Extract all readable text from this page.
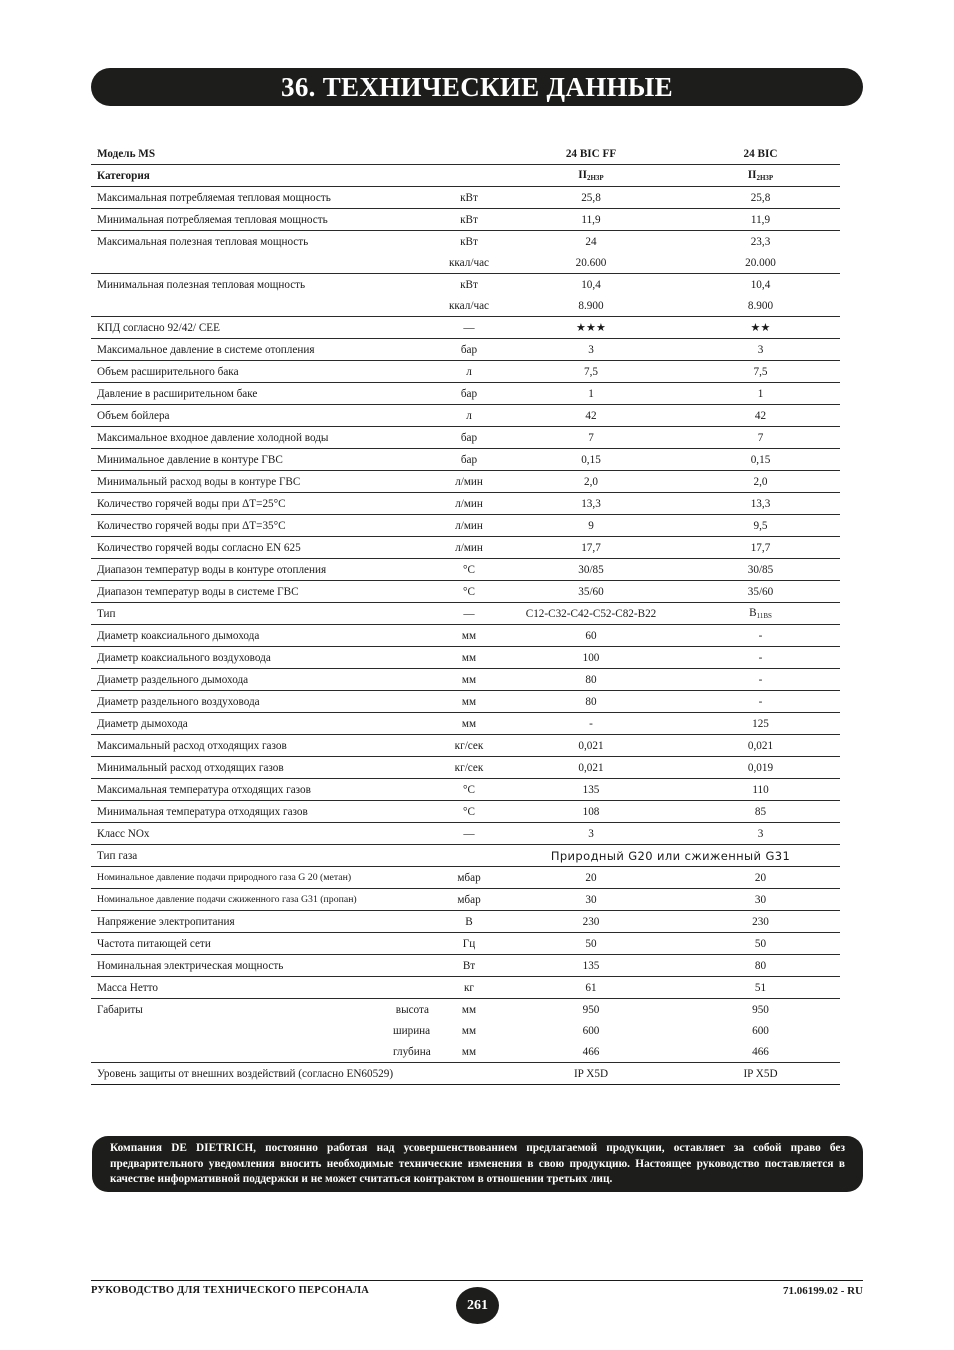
36. ТЕХНИЧЕСКИЕ ДАННЫЕ
Модель MS			24 BIC FF	24 BIC
Категория			II2H3P	II2H3P
Максимальная потребляемая тепловая мощность		кВт	25,8	25,8
Минимальная потребляемая тепловая мощность		кВт	11,9	11,9
Максимальная полезная тепловая мощность		кВт	24	23,3
		ккал/час	20.600	20.000
Минимальная полезная тепловая мощность		кВт	10,4	10,4
		ккал/час	8.900	8.900
КПД согласно 92/42/ CEE		—	★★★	★★
Максимальное давление в системе отопления		бар	3	3
Объем расширительного бака		л	7,5	7,5
Давление в расширительном баке		бар	1	1
Объем бойлера		л	42	42
Максимальное входное давление холодной воды		бар	7	7
Минимальное давление в контуре ГВС		бар	0,15	0,15
Минимальный расход воды в контуре ГВС		л/мин	2,0	2,0
Количество горячей воды при ΔT=25°C		л/мин	13,3	13,3
Количество горячей воды при ΔT=35°C		л/мин	9	9,5
Количество горячей воды согласно EN 625		л/мин	17,7	17,7
Диапазон температур воды в контуре отопления		°C	30/85	30/85
Диапазон температур воды в системе ГВС		°C	35/60	35/60
Тип		—	C12-C32-C42-C52-C82-B22	B11BS
Диаметр коаксиального дымохода		мм	60	-
Диаметр коаксиального воздуховода		мм	100	-
Диаметр раздельного дымохода		мм	80	-
Диаметр раздельного воздуховода		мм	80	-
Диаметр дымохода		мм	-	125
Максимальный расход отходящих газов		кг/сек	0,021	0,021
Минимальный расход отходящих газов		кг/сек	0,021	0,019
Максимальная температура отходящих газов		°C	135	110
Минимальная температура отходящих газов		°C	108	85
Класс NOx		—	3	3
Тип газа			Природный G20 или сжиженный G31	
Номинальное давление подачи природного газа G 20 (метан)		мбар	20	20
Номинальное давление подачи сжиженного газа G31 (пропан)		мбар	30	30
Напряжение электропитания		В	230	230
Частота питающей сети		Гц	50	50
Номинальная электрическая мощность		Вт	135	80
Масса Нетто		кг	61	51
Габариты	высота	мм	950	950
	ширина	мм	600	600
	глубина	мм	466	466
Уровень защиты от внешних воздействий (согласно EN60529)			IP X5D	IP X5D
Компания DE DIETRICH, постоянно работая над усовершенствованием предлагаемой продукции, оставляет за собой право без предварительного уведомления вносить необходимые технические изменения в свою продукцию. Настоящее руководство поставляется в качестве информативной поддержки и не может считаться контрактом в отношении третьих лиц.
РУКОВОДСТВО ДЛЯ ТЕХНИЧЕСКОГО ПЕРСОНАЛА
261
71.06199.02 - RU
